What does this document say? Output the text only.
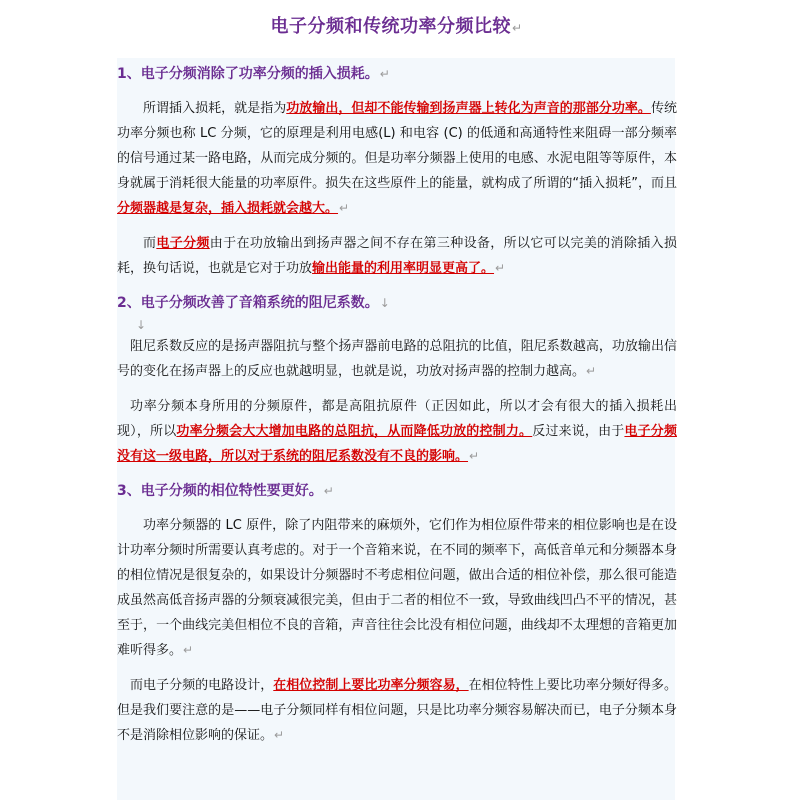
电子分频和传统功率分频比较↵
1、电子分频消除了功率分频的插入损耗。↵

所谓插入损耗，就是指为功放输出，但却不能传输到扬声器上转化为声音的那部分功率。传统功率分频也称 LC 分频，它的原理是利用电感(L) 和电容 (C) 的低通和高通特性来阻碍一部分频率的信号通过某一路电路，从而完成分频的。但是功率分频器上使用的电感、水泥电阻等等原件，本身就属于消耗很大能量的功率原件。损失在这些原件上的能量，就构成了所谓的“插入损耗”，而且分频器越是复杂，插入损耗就会越大。↵

而电子分频由于在功放输出到扬声器之间不存在第三种设备，所以它可以完美的消除插入损耗，换句话说，也就是它对于功放输出能量的利用率明显更高了。↵

2、电子分频改善了音箱系统的阻尼系数。↓
↓

阻尼系数反应的是扬声器阻抗与整个扬声器前电路的总阻抗的比值，阻尼系数越高，功放输出信号的变化在扬声器上的反应也就越明显，也就是说，功放对扬声器的控制力越高。↵

功率分频本身所用的分频原件，都是高阻抗原件（正因如此，所以才会有很大的插入损耗出现），所以功率分频会大大增加电路的总阻抗，从而降低功放的控制力。反过来说，由于电子分频没有这一级电路，所以对于系统的阻尼系数没有不良的影响。↵

3、电子分频的相位特性要更好。↵

功率分频器的 LC 原件，除了内阻带来的麻烦外，它们作为相位原件带来的相位影响也是在设计功率分频时所需要认真考虑的。对于一个音箱来说，在不同的频率下，高低音单元和分频器本身的相位情况是很复杂的，如果设计分频器时不考虑相位问题，做出合适的相位补偿，那么很可能造成虽然高低音扬声器的分频衰减很完美，但由于二者的相位不一致，导致曲线凹凸不平的情况，甚至于，一个曲线完美但相位不良的音箱，声音往往会比没有相位问题，曲线却不太理想的音箱更加难听得多。↵

而电子分频的电路设计，在相位控制上要比功率分频容易，在相位特性上要比功率分频好得多。但是我们要注意的是——电子分频同样有相位问题，只是比功率分频容易解决而已，电子分频本身不是消除相位影响的保证。↵
